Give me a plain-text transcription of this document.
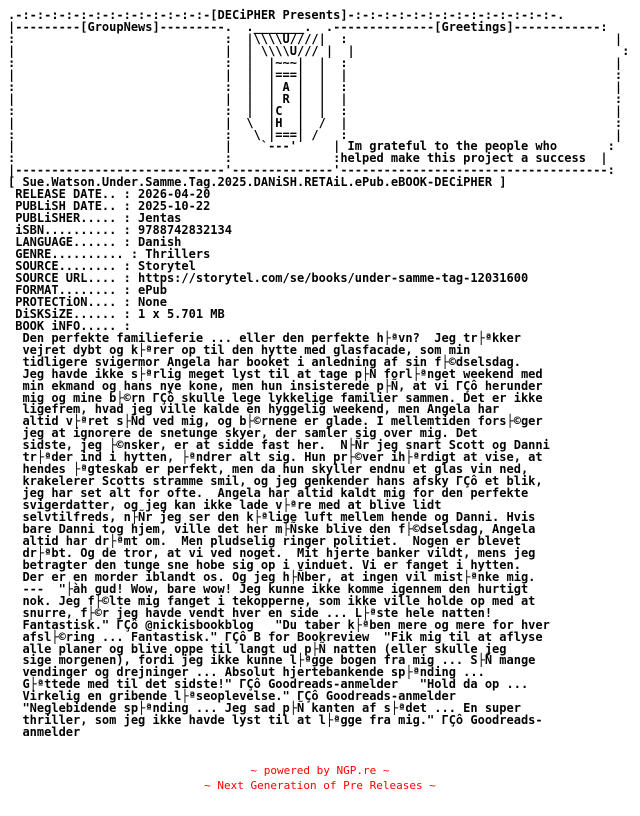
.-:-:-:-:-:-:-:-:-:-:-:-:-:-[DECiPHER Presents]-:-:-:-:-:-:-:-:-:-:-:-:-:-:-.
|---------[GroupNews]---------.  ._______.  .--------------[Greetings]------------:
:                             :  |\\\\U////|  :                                     |
|                             |  | \\\\U/// |  |                                     :
:                             :  |  |~~~|  |  :                                     |
|                             |  |  |===|  |  |                                     :
:                             :  |  | A |  |  :                                     |
|                             |  |  | R |  |  |                                     :
:                             :  |  |C  |  |  :                                     |
|                             |  \  |H  |  /  |                                     :
:                             :   \ |===| /   :                                     |
|                             |    `---'     | Im grateful to the people who       :
:                             :              :helped make this project a success  |
|-----------------------------'--------------'-------------------------------------:
[ Sue.Watson.Under.Samme.Tag.2025.DANiSH.RETAiL.ePub.eBOOK-DECiPHER ]
RELEASE DATE.. : 2026-04-20
PUBLiSH DATE.. : 2025-10-22
PUBLiSHER..... : Jentas
iSBN.......... : 9788742832134
LANGUAGE...... : Danish
GENRE.......... : Thrillers
SOURCE........ : Storytel
SOURCE URL.... : https://storytel.com/se/books/under-samme-tag-12031600
FORMAT........ : ePub
PROTECTiON.... : None
DiSKSiZE...... : 1 x 5.701 MB
BOOK iNFO..... :
Den perfekte familieferie ... eller den perfekte h├ªvn?  Jeg tr├ªkker
vejret dybt og k├ªrer op til den hytte med glasfacade, som min
tidligere svigermor Angela har booket i anledning af sin f├©dselsdag.
Jeg havde ikke s├ªrlig meget lyst til at tage p├Ñ forl├ªnget weekend med
min ekmand og hans nye kone, men hun insisterede p├Ñ, at vi ΓÇô herunder
mig og mine b├©rn ΓÇô skulle lege lykkelige familier sammen. Det er ikke
ligefrem, hvad jeg ville kalde en hyggelig weekend, men Angela har
altid v├ªret s├Ñd ved mig, og b├©rnene er glade. I mellemtiden fors├©ger
jeg at ignorere de snetunge skyer, der samler sig over mig. Det
sidste, jeg ├©nsker, er at sidde fast her.  N├Ñr jeg snart Scott og Danni
tr├ªder ind i hytten, ├ªndrer alt sig. Hun pr├©ver ih├ªrdigt at vise, at
hendes ├ªgteskab er perfekt, men da hun skyller endnu et glas vin ned,
krakelerer Scotts stramme smil, og jeg genkender hans afsky ΓÇô et blik,
jeg har set alt for ofte.  Angela har altid kaldt mig for den perfekte
svigerdatter, og jeg kan ikke lade v├ªre med at blive lidt
selvtilfreds, n├Ñr jeg ser den k├ªlige luft mellem hende og Danni. Hvis
bare Danni tog hjem, ville det her m├Ñske blive den f├©dselsdag, Angela
altid har dr├ªmt om.  Men pludselig ringer politiet.  Nogen er blevet
dr├ªbt. Og de tror, at vi ved noget.  Mit hjerte banker vildt, mens jeg
betragter den tunge sne hobe sig op i vinduet. Vi er fanget i hytten.
Der er en morder iblandt os. Og jeg h├Ñber, at ingen vil mist├ªnke mig.
---  "├àh gud! Wow, bare wow! Jeg kunne ikke komme igennem den hurtigt
nok. Jeg f├©lte mig fanget i tekopperne, som ikke ville holde op med at
snurre, f├©r jeg havde vendt hver en side ... L├ªste hele natten!
Fantastisk." ΓÇô @nickisbookblog   "Du taber k├ªben mere og mere for hver
afsl├©ring ... Fantastisk." ΓÇô B for Bookreview  "Fik mig til at aflyse
alle planer og blive oppe til langt ud p├Ñ natten (eller skulle jeg
sige morgenen), fordi jeg ikke kunne l├ªgge bogen fra mig ... S├Ñ mange
vendinger og drejninger ... Absolut hjertebankende sp├ªnding ...
G├ªttede med til det sidste!" ΓÇô Goodreads-anmelder   "Hold da op ...
Virkelig en gribende l├ªseoplevelse." ΓÇô Goodreads-anmelder
"Neglebidende sp├ªnding ... Jeg sad p├Ñ kanten af s├ªdet ... En super
thriller, som jeg ikke havde lyst til at l├ªgge fra mig." ΓÇô Goodreads-
anmelder
~ powered by NGP.re ~
~ Next Generation of Pre Releases ~
